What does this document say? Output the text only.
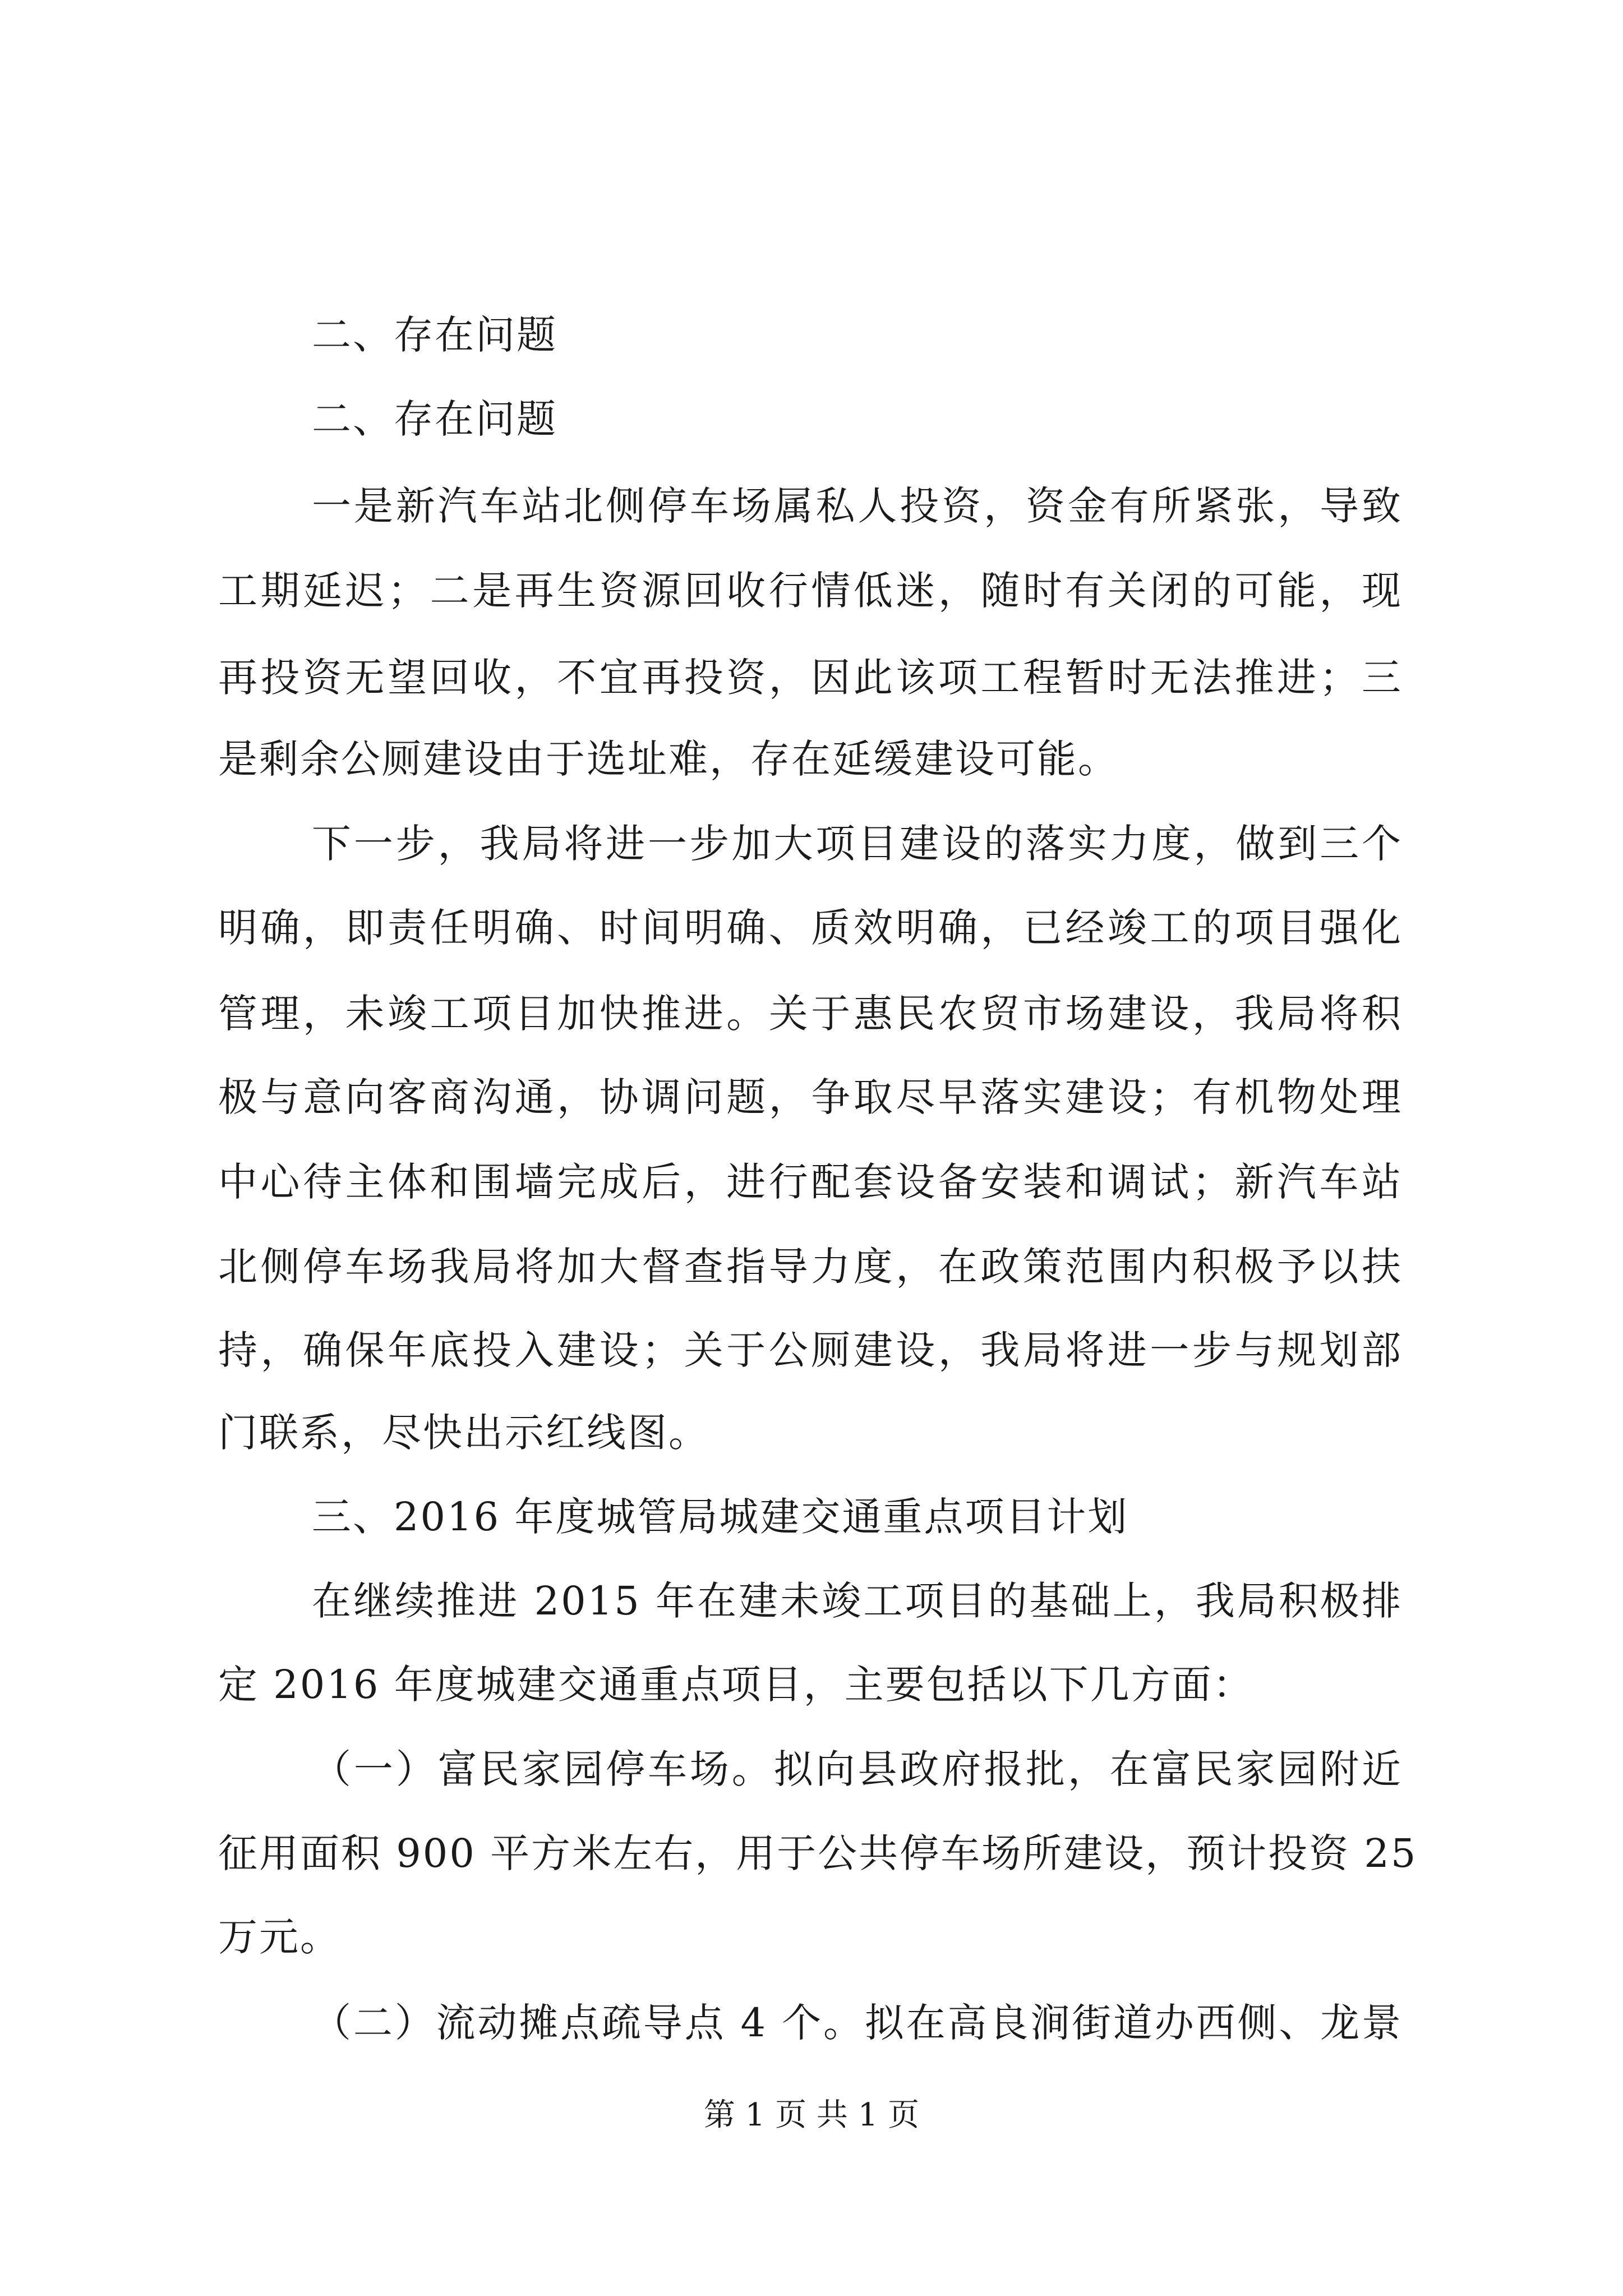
二、存在问题
二、存在问题
一是新汽车站北侧停车场属私人投资，资金有所紧张，导致
工期延迟；二是再生资源回收行情低迷，随时有关闭的可能，现
再投资无望回收，不宜再投资，因此该项工程暂时无法推进；三
是剩余公厕建设由于选址难，存在延缓建设可能。
下一步，我局将进一步加大项目建设的落实力度，做到三个
明确，即责任明确、时间明确、质效明确，已经竣工的项目强化
管理，未竣工项目加快推进。关于惠民农贸市场建设，我局将积
极与意向客商沟通，协调问题，争取尽早落实建设；有机物处理
中心待主体和围墙完成后，进行配套设备安装和调试；新汽车站
北侧停车场我局将加大督查指导力度，在政策范围内积极予以扶
持，确保年底投入建设；关于公厕建设，我局将进一步与规划部
门联系，尽快出示红线图。
三、2016 年度城管局城建交通重点项目计划
在继续推进 2015 年在建未竣工项目的基础上，我局积极排
定 2016 年度城建交通重点项目，主要包括以下几方面：
（一）富民家园停车场。拟向县政府报批，在富民家园附近
征用面积 900 平方米左右，用于公共停车场所建设，预计投资 25
万元。
（二）流动摊点疏导点 4 个。拟在高良涧街道办西侧、龙景
第 1 页 共 1 页
